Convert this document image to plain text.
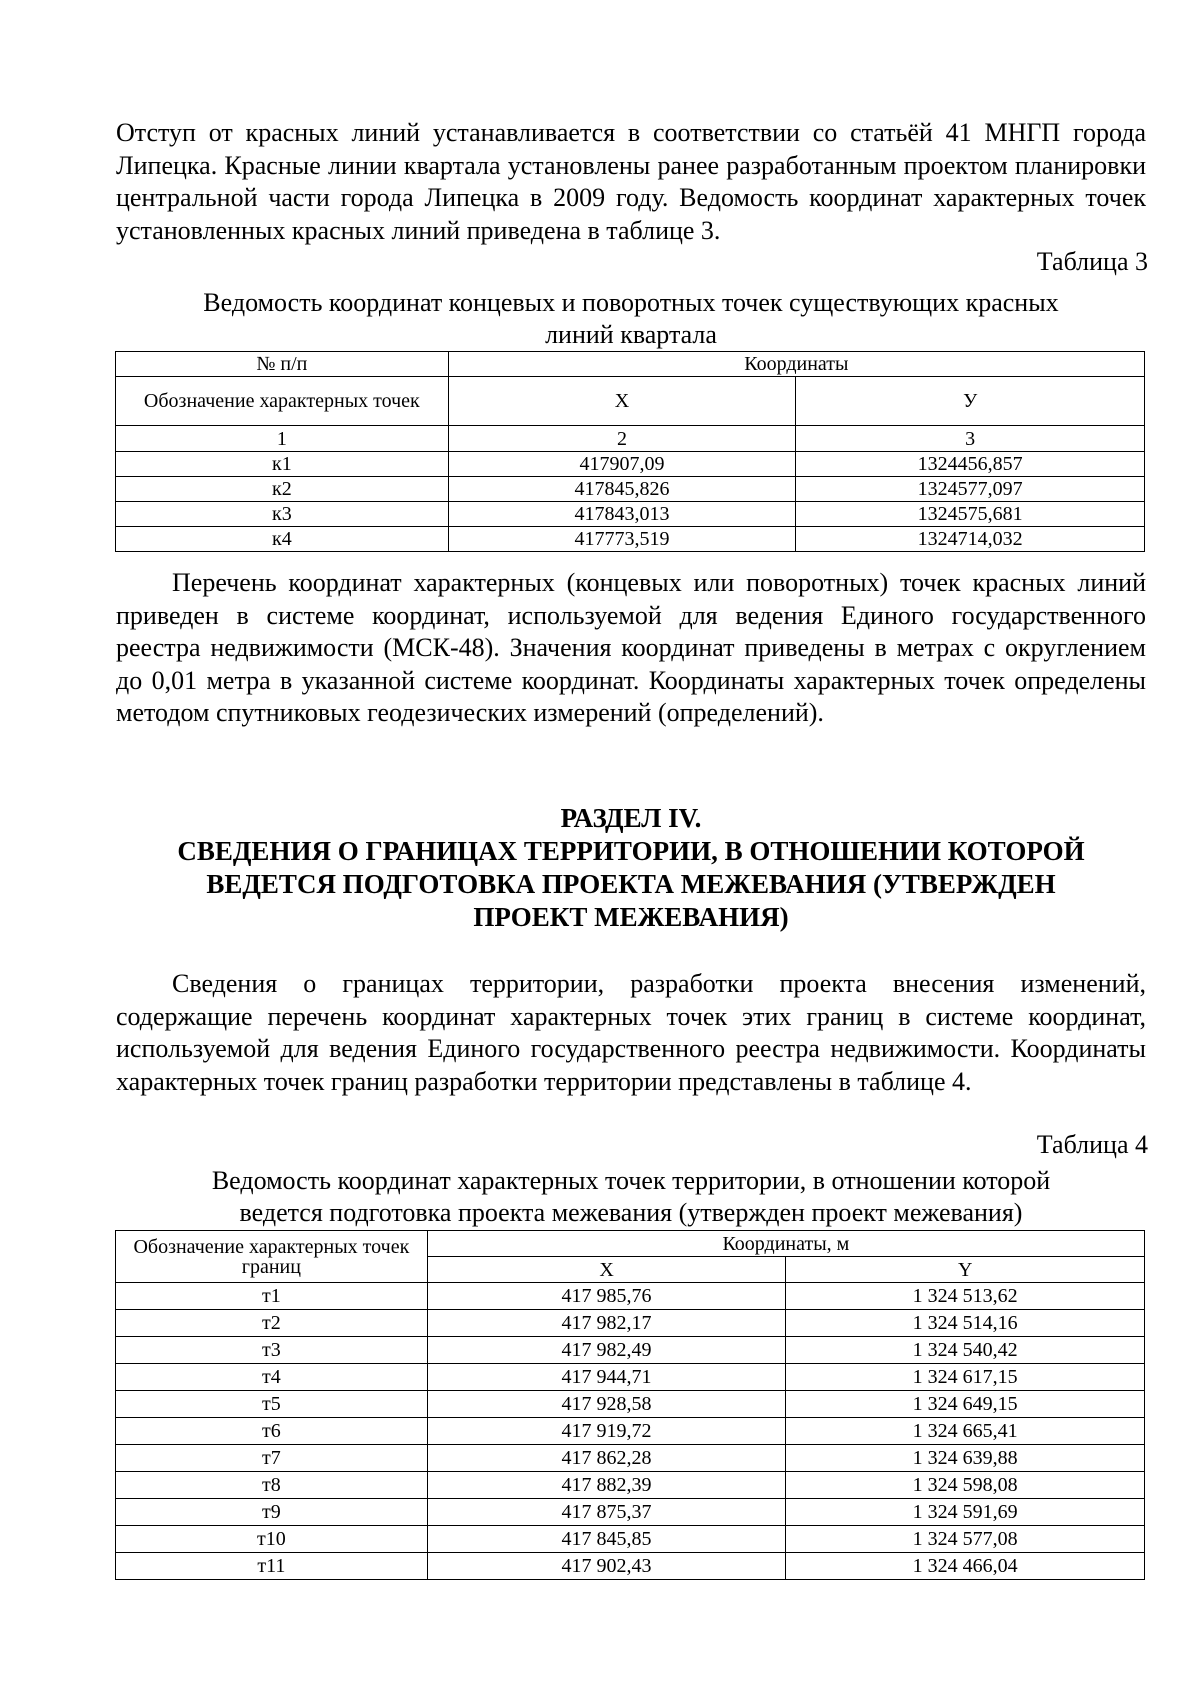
Отступ от красных линий устанавливается в соответствии со статьёй 41 МНГП города Липецка. Красные линии квартала установлены ранее разработанным проектом планировки центральной части города Липецка в 2009 году. Ведомость координат характерных точек установленных красных линий приведена в таблице 3.

Таблица 3

Ведомость координат концевых и поворотных точек существующих красных
линий квартала

№ п/п	Координаты	
Обозначение характерных точек	Х	У
1	2	3
к1	417907,09	1324456,857
к2	417845,826	1324577,097
к3	417843,013	1324575,681
к4	417773,519	1324714,032

Перечень координат характерных (концевых или поворотных) точек красных линий приведен в системе координат, используемой для ведения Единого государственного реестра недвижимости (МСК-48). Значения координат приведены в метрах с округлением до 0,01 метра в указанной системе координат. Координаты характерных точек определены методом спутниковых геодезических измерений (определений).

РАЗДЕЛ IV.
СВЕДЕНИЯ О ГРАНИЦАХ ТЕРРИТОРИИ, В ОТНОШЕНИИ КОТОРОЙ
ВЕДЕТСЯ ПОДГОТОВКА ПРОЕКТА МЕЖЕВАНИЯ (УТВЕРЖДЕН
ПРОЕКТ МЕЖЕВАНИЯ)

Сведения о границах территории, разработки проекта внесения изменений, содержащие перечень координат характерных точек этих границ в системе координат, используемой для ведения Единого государственного реестра недвижимости. Координаты характерных точек границ разработки территории представлены в таблице 4.

Таблица 4

Ведомость координат характерных точек территории, в отношении которой
ведется подготовка проекта межевания (утвержден проект межевания)

Обозначение характерных точек границ	Координаты, м	
	X	Y
т1	417 985,76	1 324 513,62
т2	417 982,17	1 324 514,16
т3	417 982,49	1 324 540,42
т4	417 944,71	1 324 617,15
т5	417 928,58	1 324 649,15
т6	417 919,72	1 324 665,41
т7	417 862,28	1 324 639,88
т8	417 882,39	1 324 598,08
т9	417 875,37	1 324 591,69
т10	417 845,85	1 324 577,08
т11	417 902,43	1 324 466,04
